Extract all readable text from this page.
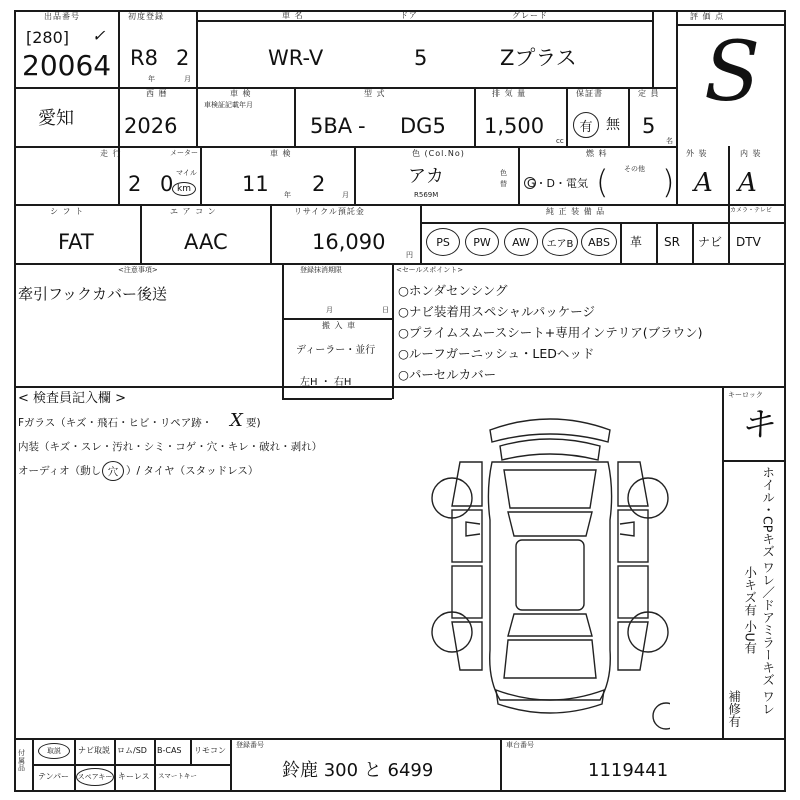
出品番号
[280] ✓
20064
初度登録
R8 2
年	月
車 名	ドア	グレード
WR-V	5	Zプラス
評 価 点
S
愛知
西 暦
2026
車 検
車検証記載年月
型 式
5BA - DG5
排 気 量
1,500
cc
保証書
有 無
定 員
5
名
走 行	メーター
2 0
マイル
km
車 検
11 年 2 月
色 (Col.No)
アカ
R569M
色 替
燃 料
G・D・電気
その他
( )
外 装	内 装
A A
シ フ ト
FAT
エ ア コ ン
AAC
リサイクル預託金
16,090
円
純 正 装 備 品	カメラ・テレビ
PS	PW	AW	エアB	ABS	革 SR ナビ DTV
<注意事項>
牽引フックカバー後送
登録抹消期限
月	日
搬 入 車
ディーラー・並行
左H ・ 右H
<セールスポイント>
○ホンダセンシング
○ナビ装着用スペシャルパッケージ
○プライムスムースシート+専用インテリア(ブラウン)
○ルーフガーニッシュ・LEDヘッド
○パーセルカバー
< 検査員記入欄 >
Fガラス（キズ・飛石・ヒビ・リペア跡・ X 要)
内装（キズ・スレ・汚れ・シミ・コゲ・穴・キレ・破れ・剥れ）
オーディオ（動し 穴 ）/ タイヤ（スタッドレス）
キーロック
キ
ホイル・CPキズ ワレ／ドアミラーキズ ワレ
小キズ有 小U有
補修有
付属品
取説	ナビ取説 ロム/SD B-CAS リモコン
テンパー スペアキー キーレス スマートキー
登録番号
鈴鹿 300 と 6499
車台番号
1119441
